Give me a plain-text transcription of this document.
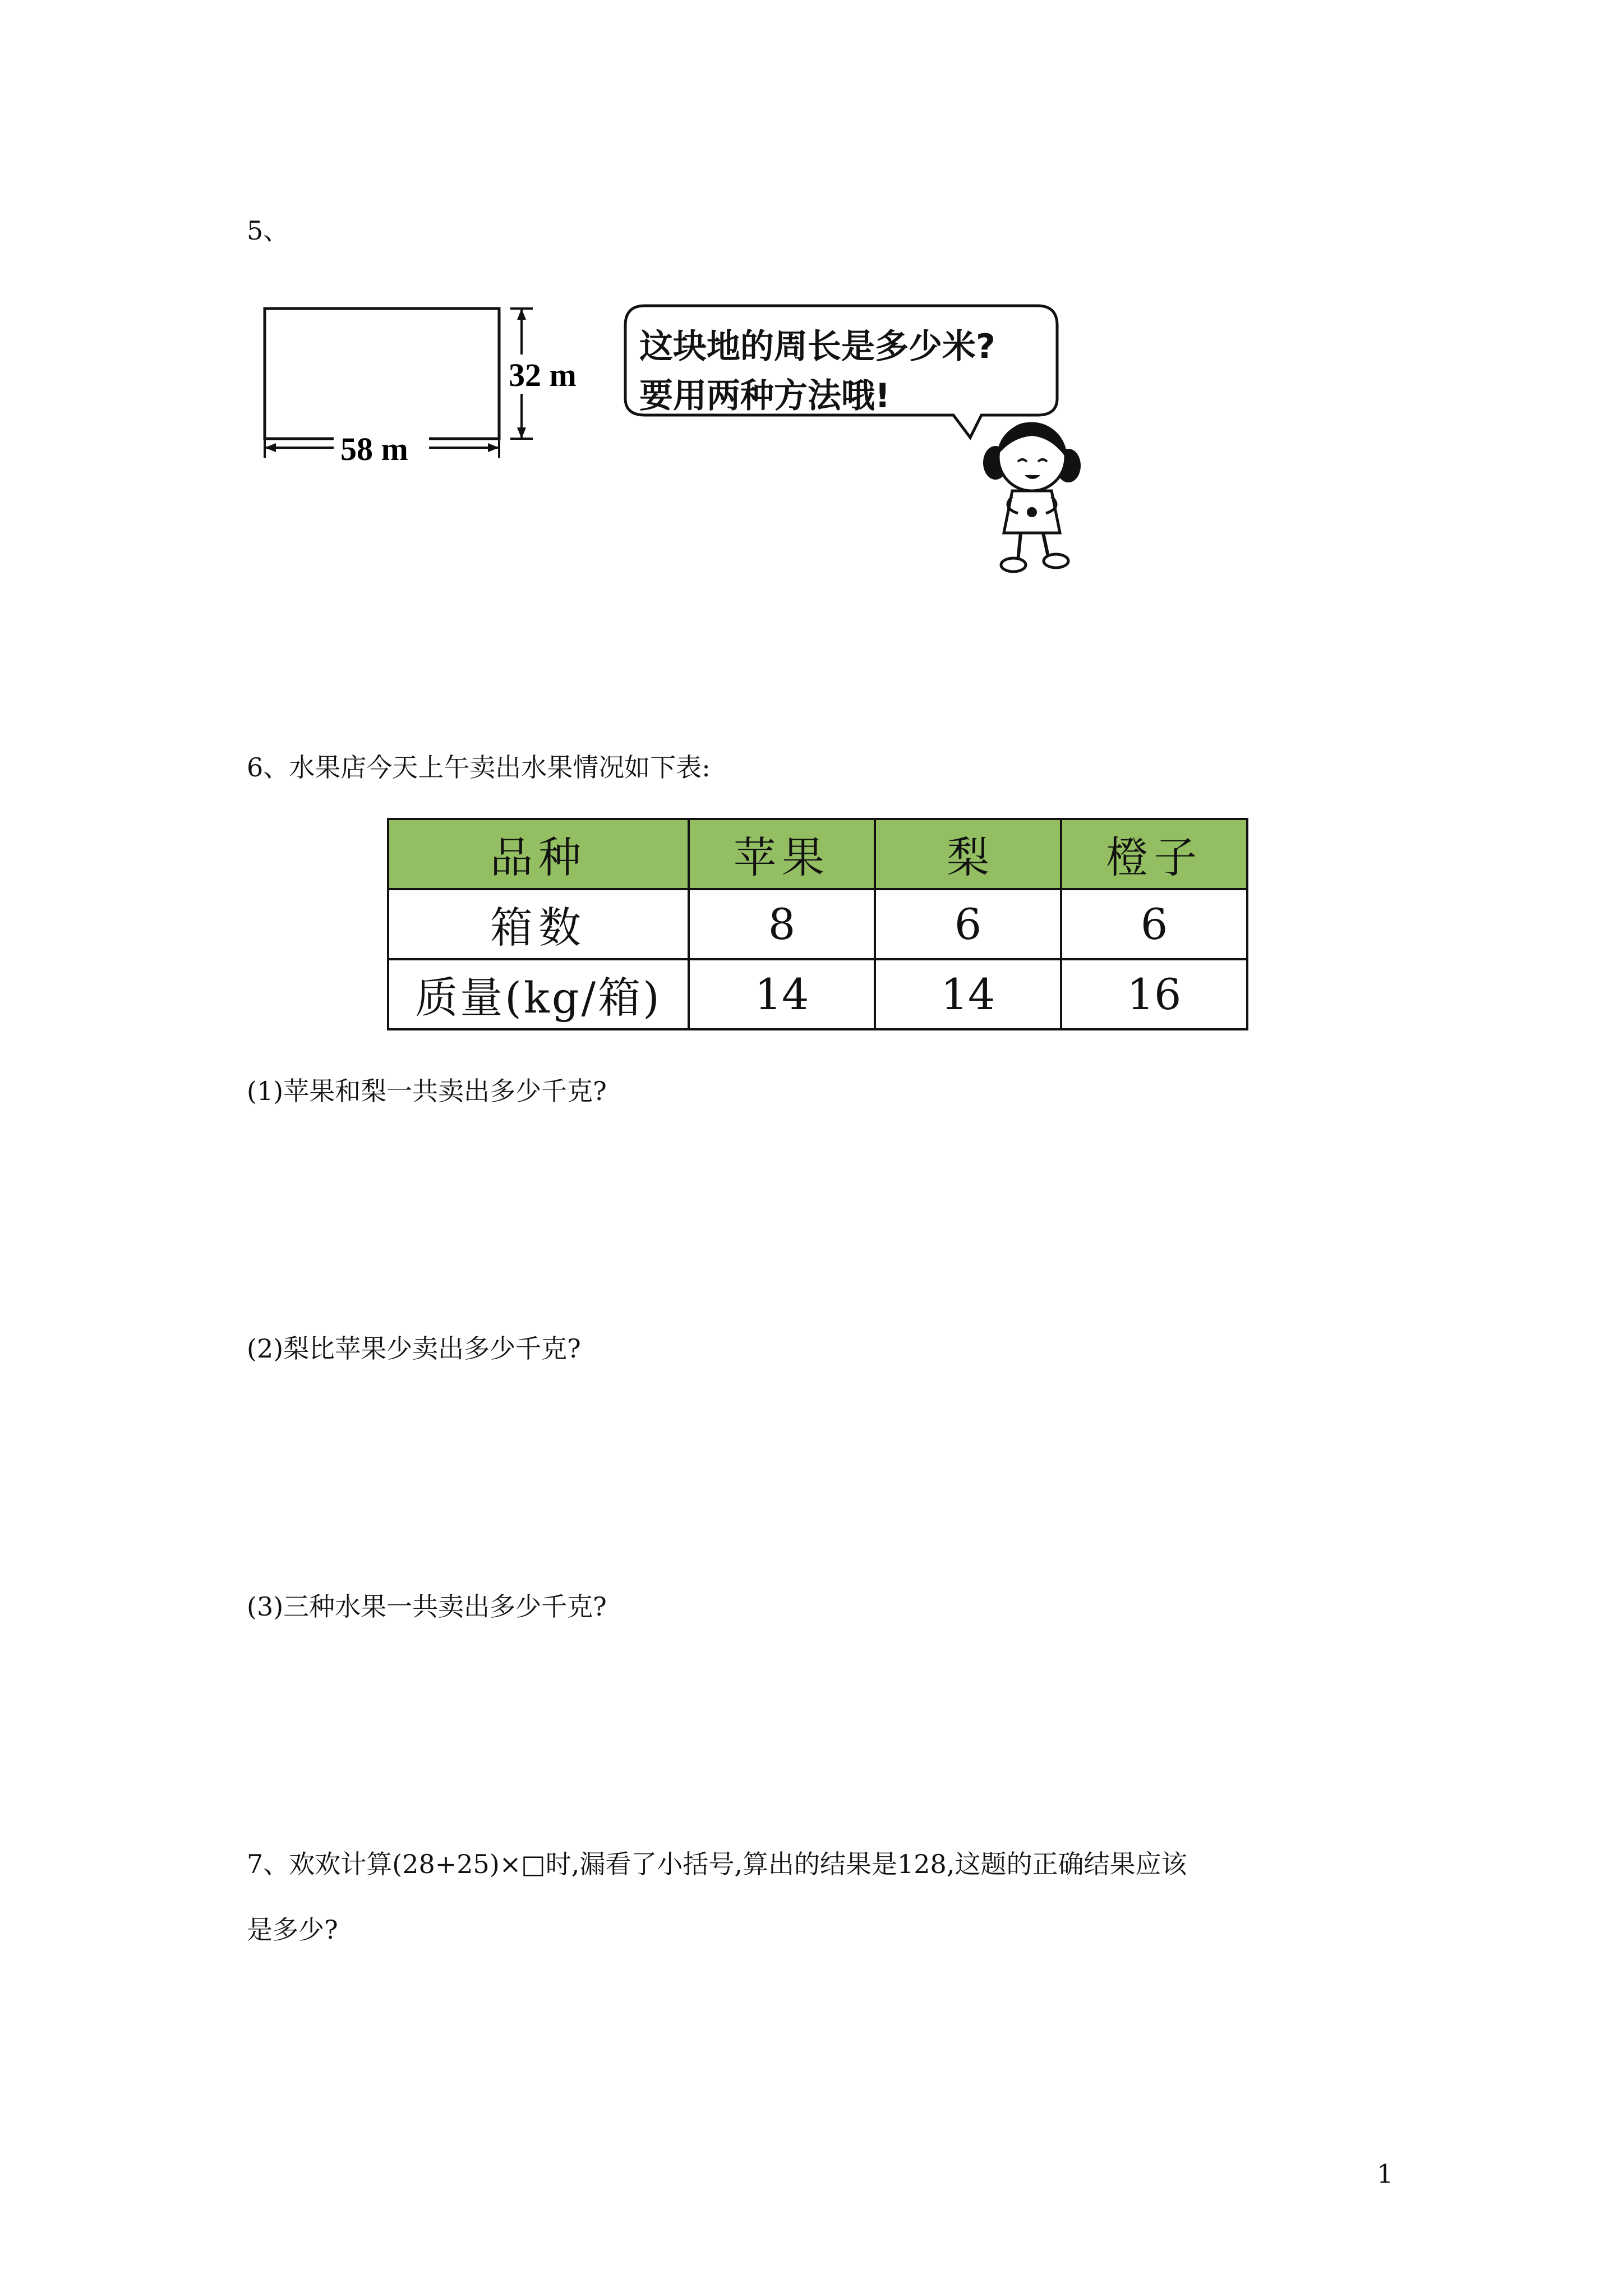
5、
32 m
58 m
这块地的周长是多少米?
要用两种方法哦!
6、水果店今天上午卖出水果情况如下表:
品种	苹果	梨	橙子
箱数	8	6	6
质量(kg/箱)	14	14	16
(1)苹果和梨一共卖出多少千克?
(2)梨比苹果少卖出多少千克?
(3)三种水果一共卖出多少千克?
7、欢欢计算(28+25)×□时,漏看了小括号,算出的结果是128,这题的正确结果应该
是多少?
1
